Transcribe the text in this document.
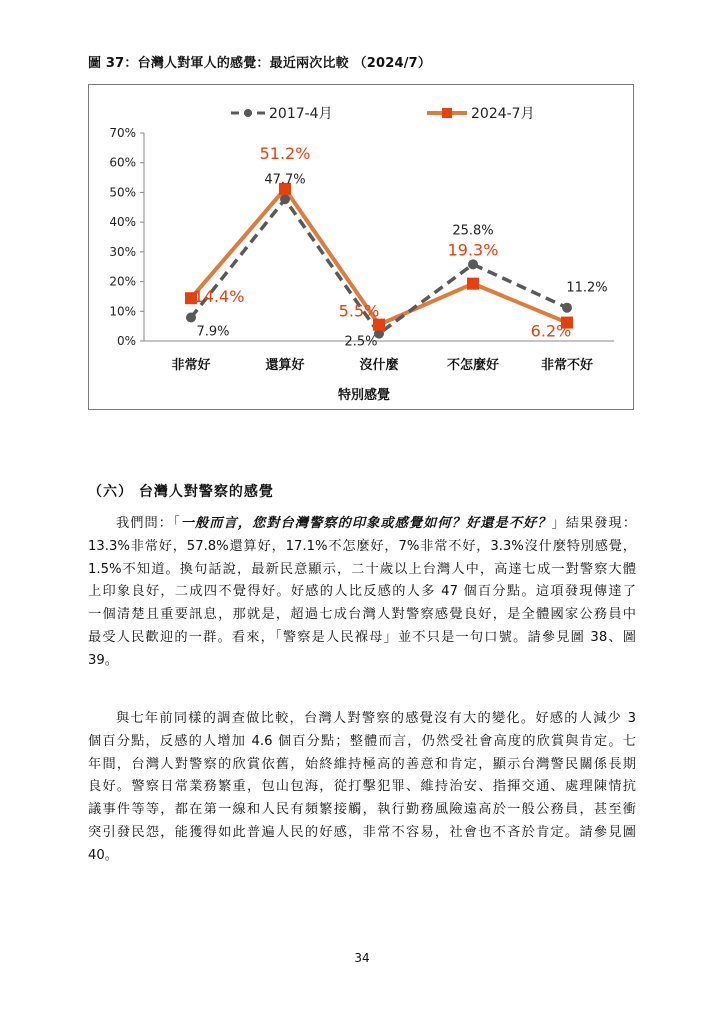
圖 37：台灣人對軍人的感覺：最近兩次比較 （2024/7）
0%
10%
20%
30%
40%
50%
60%
70%
非常好	還算好	沒什麼	不怎麼好	非常不好
特別感覺
2017-4月	2024-7月
7.9%
47.7%
2.5%
25.8%
11.2%
14.4%
51.2%
5.5%
19.3%
6.2%
（六） 台灣人對警察的感覺
我們問：「一般而言，您對台灣警察的印象或感覺如何？好還是不好？」結果發現：
13.3%非常好，57.8%還算好，17.1%不怎麼好，7%非常不好，3.3%沒什麼特別感覺，
1.5%不知道。換句話說，最新民意顯示，二十歲以上台灣人中，高達七成一對警察大體
上印象良好，二成四不覺得好。好感的人比反感的人多 47 個百分點。這項發現傳達了
一個清楚且重要訊息，那就是，超過七成台灣人對警察感覺良好，是全體國家公務員中
最受人民歡迎的一群。看來，「警察是人民褓母」並不只是一句口號。請參見圖 38、圖
39。
與七年前同樣的調查做比較，台灣人對警察的感覺沒有大的變化。好感的人減少 3
個百分點，反感的人增加 4.6 個百分點；整體而言，仍然受社會高度的欣賞與肯定。七
年間，台灣人對警察的欣賞依舊，始終維持極高的善意和肯定，顯示台灣警民關係長期
良好。警察日常業務繁重，包山包海，從打擊犯罪、維持治安、指揮交通、處理陳情抗
議事件等等，都在第一線和人民有頻繁接觸，執行勤務風險遠高於一般公務員，甚至衝
突引發民怨，能獲得如此普遍人民的好感，非常不容易，社會也不吝於肯定。請參見圖
40。
34
